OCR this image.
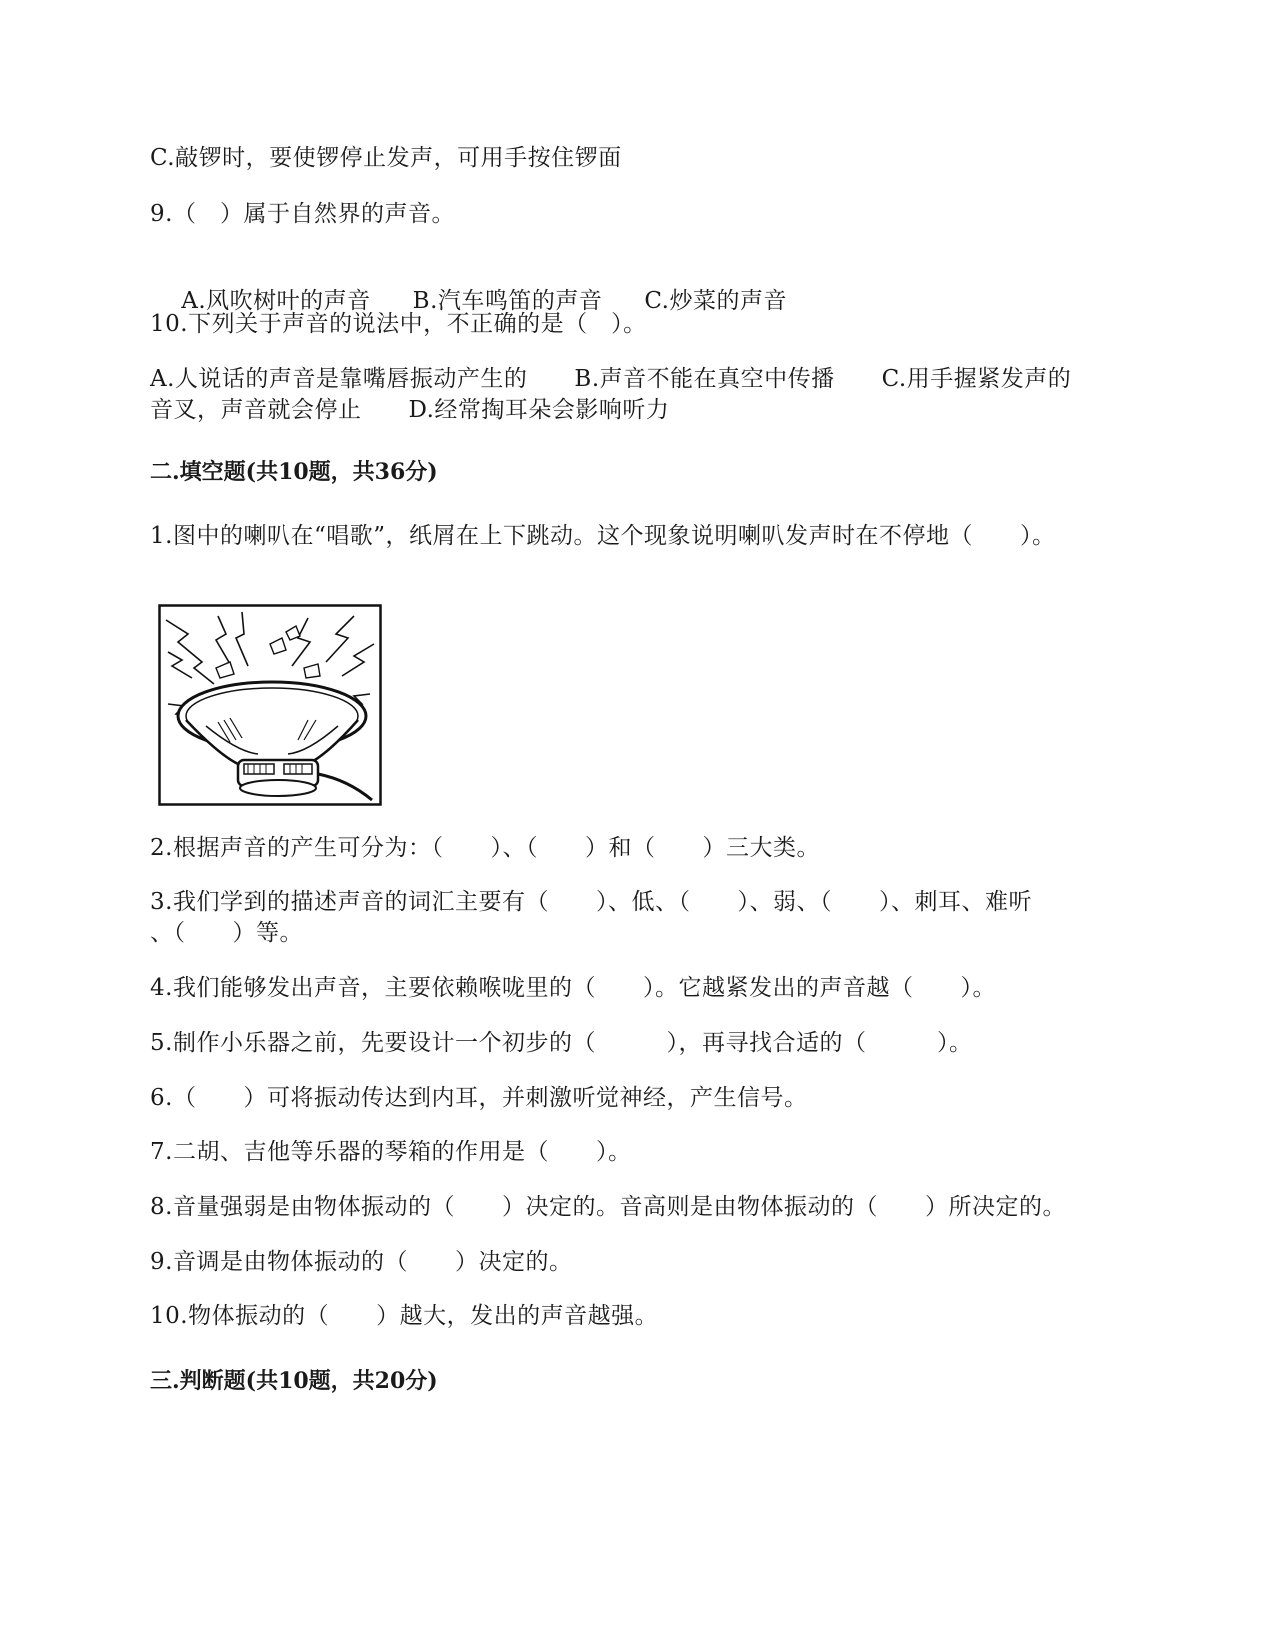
C.敲锣时，要使锣停止发声，可用手按住锣面
9.（　）属于自然界的声音。

A.风吹树叶的声音 B.汽车鸣笛的声音 C.炒菜的声音

10.下列关于声音的说法中，不正确的是（　）。
A.人说话的声音是靠嘴唇振动产生的　　B.声音不能在真空中传播　　C.用手握紧发声的
音叉，声音就会停止　　D.经常掏耳朵会影响听力
二.填空题(共10题，共36分)
1.图中的喇叭在“唱歌”，纸屑在上下跳动。这个现象说明喇叭发声时在不停地（　　）。
2.根据声音的产生可分为：（　　）、（　　）和（　　）三大类。
3.我们学到的描述声音的词汇主要有（　　）、低、（　　）、弱、（　　）、刺耳、难听
、（　　）等。
4.我们能够发出声音，主要依赖喉咙里的（　　）。它越紧发出的声音越（　　）。
5.制作小乐器之前，先要设计一个初步的（　　　），再寻找合适的（　　　）。
6.（　　）可将振动传达到内耳，并刺激听觉神经，产生信号。
7.二胡、吉他等乐器的琴箱的作用是（　　）。
8.音量强弱是由物体振动的（　　）决定的。音高则是由物体振动的（　　）所决定的。
9.音调是由物体振动的（　　）决定的。
10.物体振动的（　　）越大，发出的声音越强。
三.判断题(共10题，共20分)
